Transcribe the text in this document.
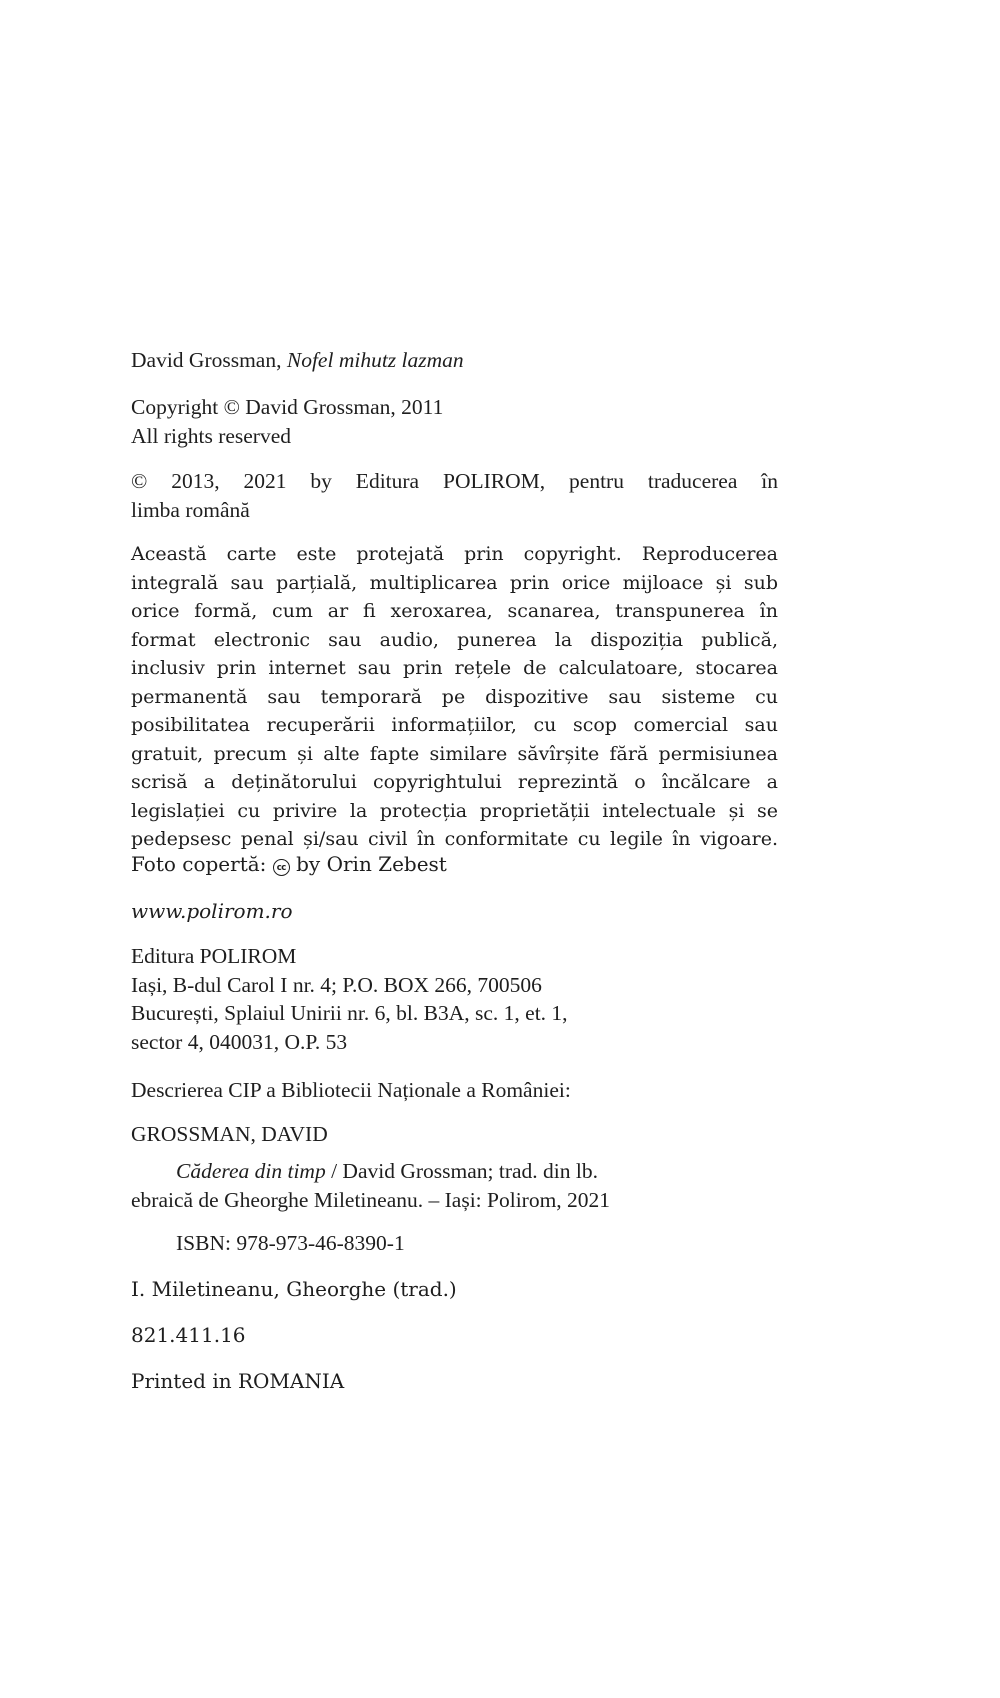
David Grossman, Nofel mihutz lazman
Copyright © David Grossman, 2011
All rights reserved
© 2013, 2021 by Editura POLIROM, pentru traducerea în
limba română
Această carte este protejată prin copyright. Reproducerea
integrală sau parțială, multiplicarea prin orice mijloace și sub
orice formă, cum ar fi xeroxarea, scanarea, transpunerea în
format electronic sau audio, punerea la dispoziția publică,
inclusiv prin internet sau prin rețele de calculatoare, stocarea
permanentă sau temporară pe dispozitive sau sisteme cu
posibilitatea recuperării informațiilor, cu scop comercial sau
gratuit, precum și alte fapte similare săvîrșite fără permisiunea
scrisă a deținătorului copyrightului reprezintă o încălcare a
legislației cu privire la protecția proprietății intelectuale și se
pedepsesc penal și/sau civil în conformitate cu legile în vigoare.
Foto copertă: cc by Orin Zebest
www.polirom.ro
Editura POLIROM
Iași, B-dul Carol I nr. 4; P.O. BOX 266, 700506
București, Splaiul Unirii nr. 6, bl. B3A, sc. 1, et. 1,
sector 4, 040031, O.P. 53
Descrierea CIP a Bibliotecii Naționale a României:
GROSSMAN, DAVID
Căderea din timp / David Grossman; trad. din lb.
ebraică de Gheorghe Miletineanu. – Iași: Polirom, 2021
ISBN: 978-973-46-8390-1
I. Miletineanu, Gheorghe (trad.)
821.411.16
Printed in ROMANIA
